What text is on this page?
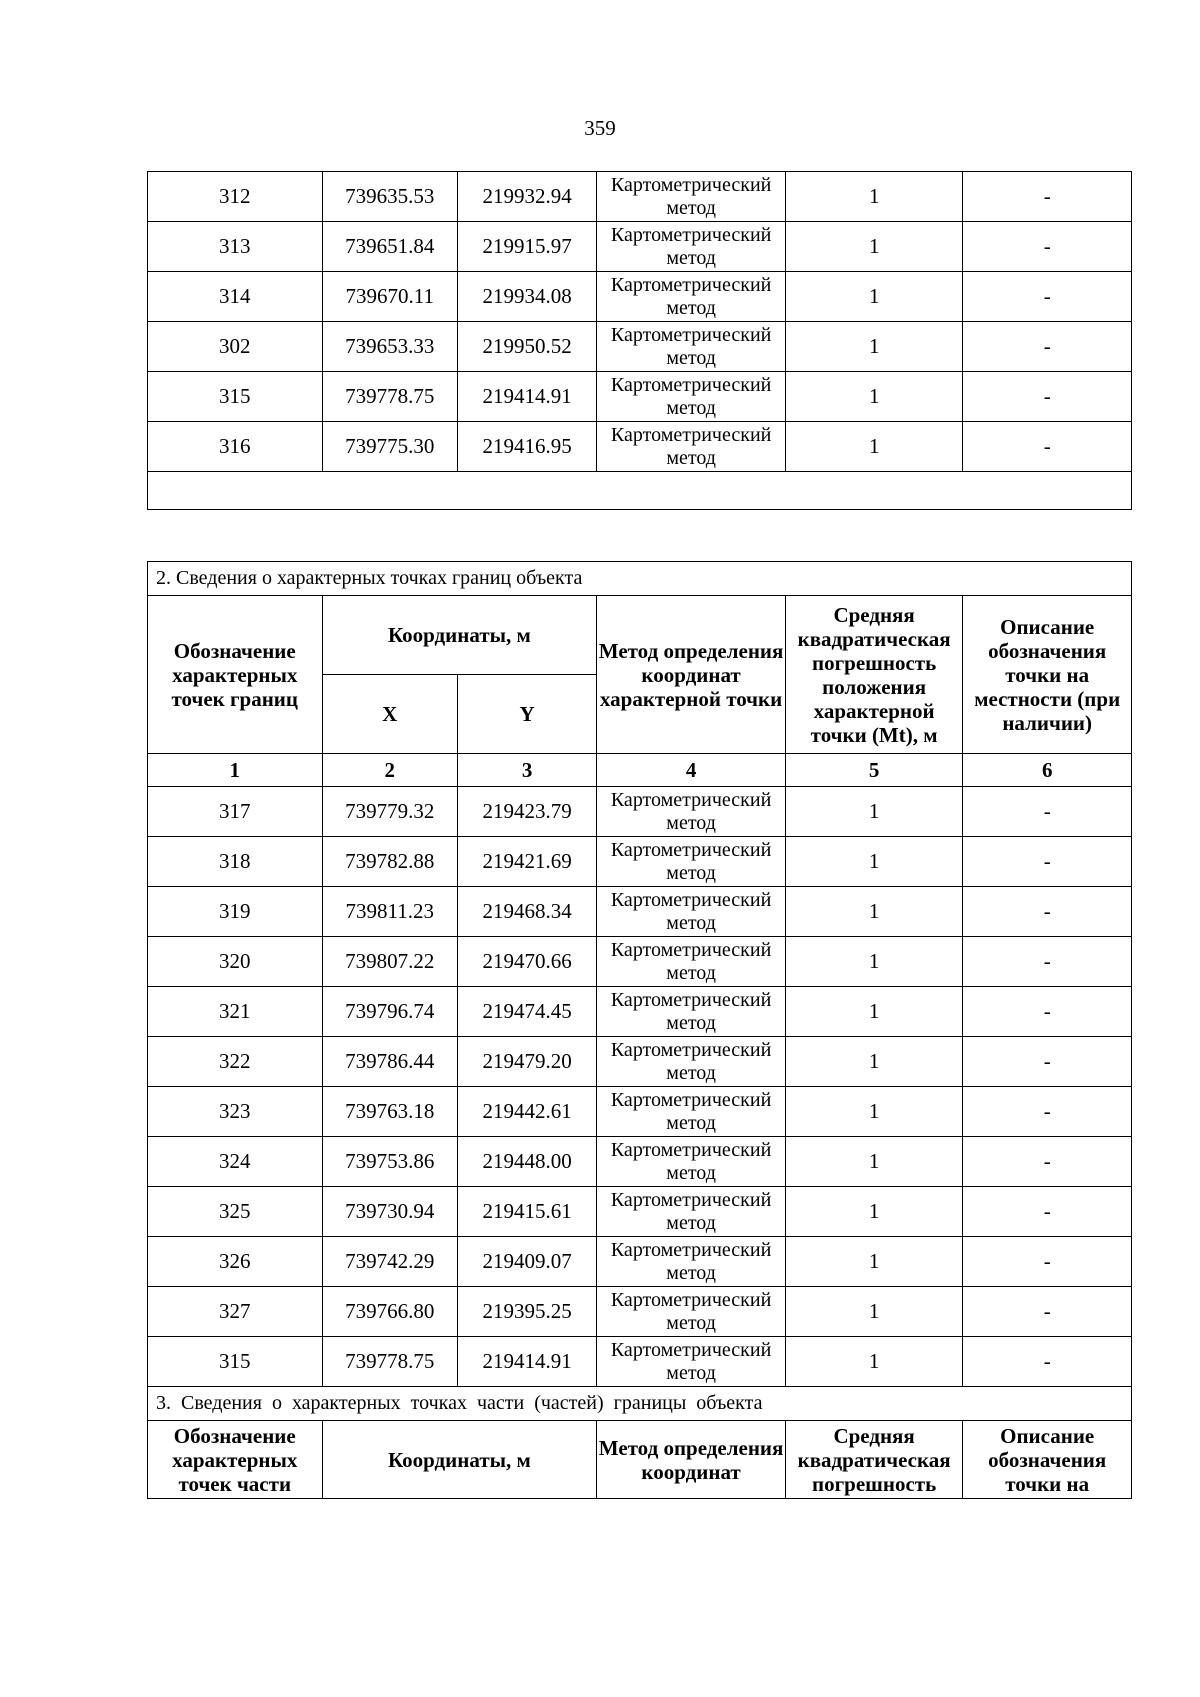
359
312	739635.53	219932.94	Картометрический метод	1	-
313	739651.84	219915.97	Картометрический метод	1	-
314	739670.11	219934.08	Картометрический метод	1	-
302	739653.33	219950.52	Картометрический метод	1	-
315	739778.75	219414.91	Картометрический метод	1	-
316	739775.30	219416.95	Картометрический метод	1	-

2. Сведения о характерных точках границ объекта					
Обозначение характерных точек границ	Координаты, м		Метод определения координат характерной точки	Средняя квадратическая погрешность положения характерной точки (Mt), м	Описание обозначения точки на местности (при наличии)
	X	Y			
1	2	3	4	5	6
317	739779.32	219423.79	Картометрический метод	1	-
318	739782.88	219421.69	Картометрический метод	1	-
319	739811.23	219468.34	Картометрический метод	1	-
320	739807.22	219470.66	Картометрический метод	1	-
321	739796.74	219474.45	Картометрический метод	1	-
322	739786.44	219479.20	Картометрический метод	1	-
323	739763.18	219442.61	Картометрический метод	1	-
324	739753.86	219448.00	Картометрический метод	1	-
325	739730.94	219415.61	Картометрический метод	1	-
326	739742.29	219409.07	Картометрический метод	1	-
327	739766.80	219395.25	Картометрический метод	1	-
315	739778.75	219414.91	Картометрический метод	1	-
3. Сведения о характерных точках части (частей) границы объекта					
Обозначение характерных точек части	Координаты, м		Метод определения координат	Средняя квадратическая погрешность	Описание обозначения точки на
